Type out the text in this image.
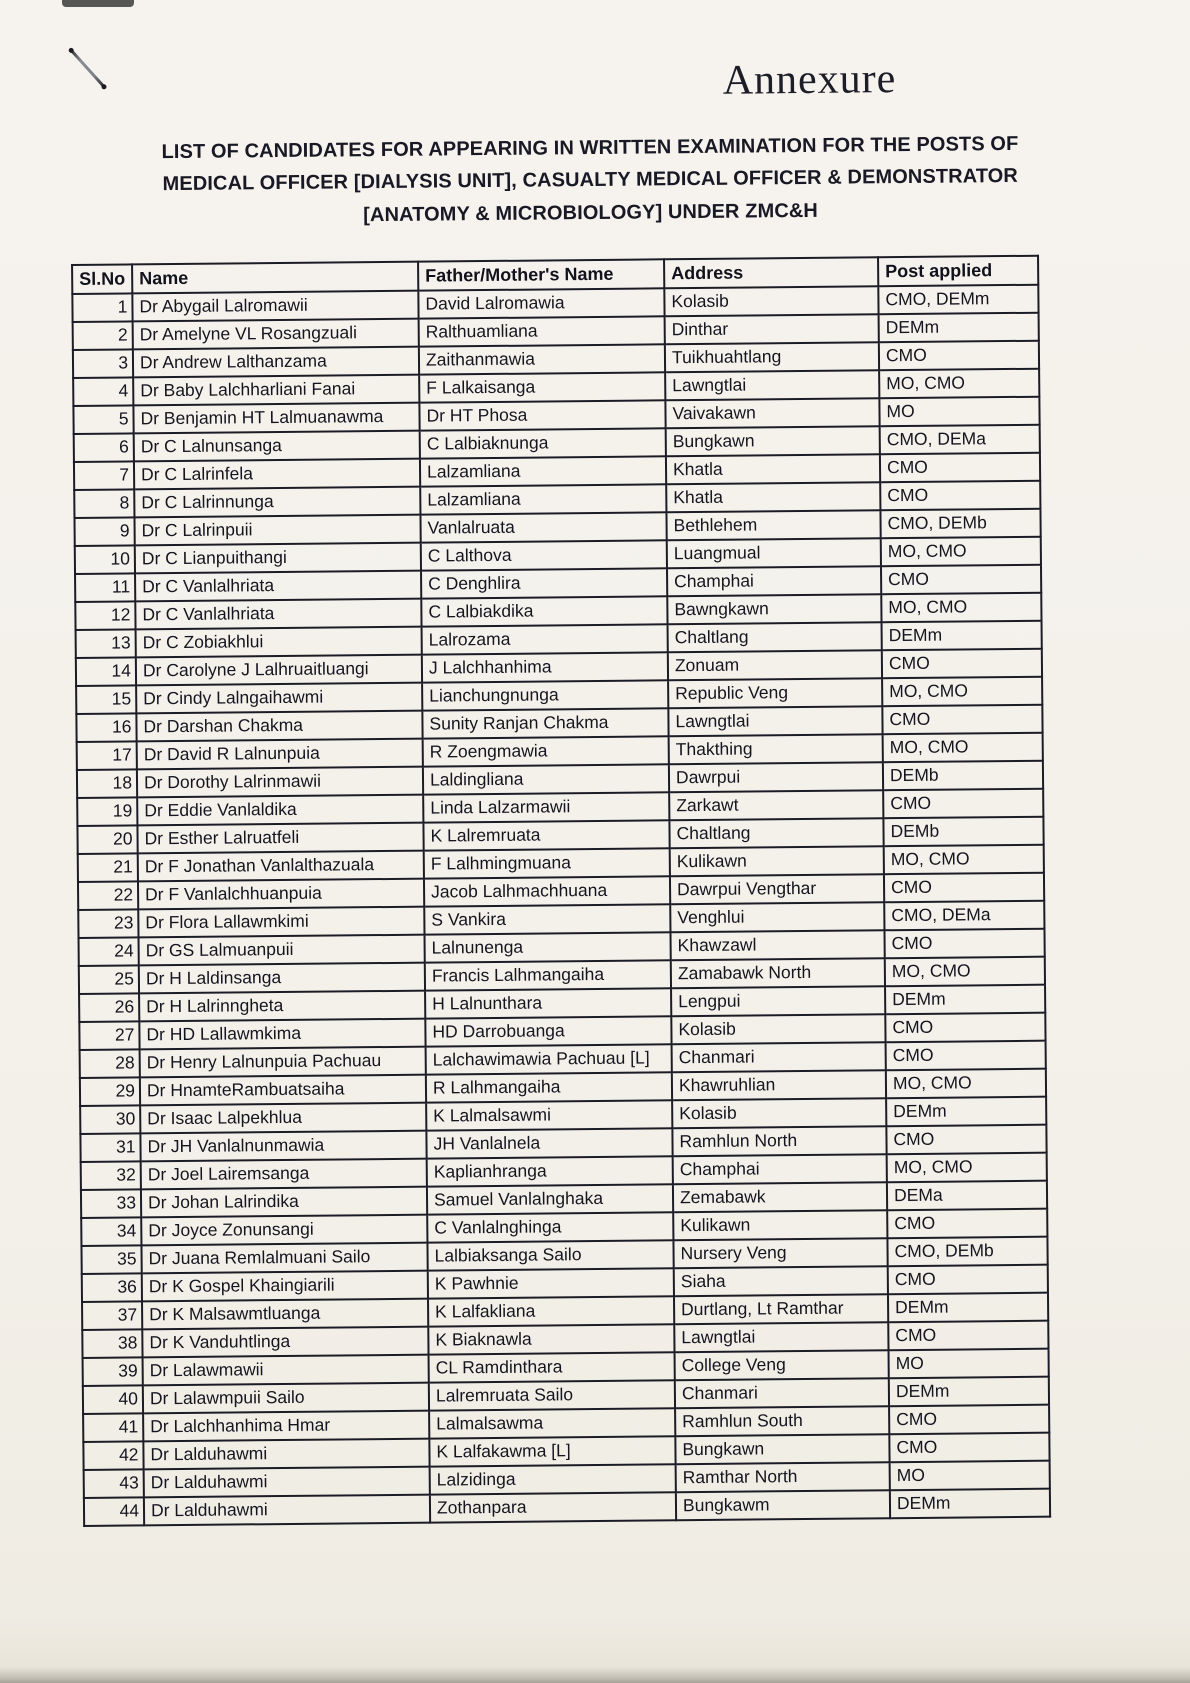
Annexure
LIST OF CANDIDATES FOR APPEARING IN WRITTEN EXAMINATION FOR THE POSTS OF MEDICAL OFFICER [DIALYSIS UNIT], CASUALTY MEDICAL OFFICER & DEMONSTRATOR [ANATOMY & MICROBIOLOGY] UNDER ZMC&H
Sl.No	Name	Father/Mother's Name	Address	Post applied
1	Dr Abygail Lalromawii	David Lalromawia	Kolasib	CMO, DEMm
2	Dr Amelyne VL Rosangzuali	Ralthuamliana	Dinthar	DEMm
3	Dr Andrew Lalthanzama	Zaithanmawia	Tuikhuahtlang	CMO
4	Dr Baby Lalchharliani Fanai	F Lalkaisanga	Lawngtlai	MO, CMO
5	Dr Benjamin HT Lalmuanawma	Dr HT Phosa	Vaivakawn	MO
6	Dr C Lalnunsanga	C Lalbiaknunga	Bungkawn	CMO, DEMa
7	Dr C Lalrinfela	Lalzamliana	Khatla	CMO
8	Dr C Lalrinnunga	Lalzamliana	Khatla	CMO
9	Dr C Lalrinpuii	Vanlalruata	Bethlehem	CMO, DEMb
10	Dr C Lianpuithangi	C Lalthova	Luangmual	MO, CMO
11	Dr C Vanlalhriata	C Denghlira	Champhai	CMO
12	Dr C Vanlalhriata	C Lalbiakdika	Bawngkawn	MO, CMO
13	Dr C Zobiakhlui	Lalrozama	Chaltlang	DEMm
14	Dr Carolyne J Lalhruaitluangi	J Lalchhanhima	Zonuam	CMO
15	Dr Cindy Lalngaihawmi	Lianchungnunga	Republic Veng	MO, CMO
16	Dr Darshan Chakma	Sunity Ranjan Chakma	Lawngtlai	CMO
17	Dr David R Lalnunpuia	R Zoengmawia	Thakthing	MO, CMO
18	Dr Dorothy Lalrinmawii	Laldingliana	Dawrpui	DEMb
19	Dr Eddie Vanlaldika	Linda Lalzarmawii	Zarkawt	CMO
20	Dr Esther Lalruatfeli	K Lalremruata	Chaltlang	DEMb
21	Dr F Jonathan Vanlalthazuala	F Lalhmingmuana	Kulikawn	MO, CMO
22	Dr F Vanlalchhuanpuia	Jacob Lalhmachhuana	Dawrpui Vengthar	CMO
23	Dr Flora Lallawmkimi	S Vankira	Venghlui	CMO, DEMa
24	Dr GS Lalmuanpuii	Lalnunenga	Khawzawl	CMO
25	Dr H Laldinsanga	Francis Lalhmangaiha	Zamabawk North	MO, CMO
26	Dr H Lalrinngheta	H Lalnunthara	Lengpui	DEMm
27	Dr HD Lallawmkima	HD Darrobuanga	Kolasib	CMO
28	Dr Henry Lalnunpuia Pachuau	Lalchawimawia Pachuau [L]	Chanmari	CMO
29	Dr HnamteRambuatsaiha	R Lalhmangaiha	Khawruhlian	MO, CMO
30	Dr Isaac Lalpekhlua	K Lalmalsawmi	Kolasib	DEMm
31	Dr JH Vanlalnunmawia	JH Vanlalnela	Ramhlun North	CMO
32	Dr Joel Lairemsanga	Kaplianhranga	Champhai	MO, CMO
33	Dr Johan Lalrindika	Samuel Vanlalnghaka	Zemabawk	DEMa
34	Dr Joyce Zonunsangi	C Vanlalnghinga	Kulikawn	CMO
35	Dr Juana Remlalmuani Sailo	Lalbiaksanga Sailo	Nursery Veng	CMO, DEMb
36	Dr K Gospel Khaingiarili	K Pawhnie	Siaha	CMO
37	Dr K Malsawmtluanga	K Lalfakliana	Durtlang, Lt Ramthar	DEMm
38	Dr K Vanduhtlinga	K Biaknawla	Lawngtlai	CMO
39	Dr Lalawmawii	CL Ramdinthara	College Veng	MO
40	Dr Lalawmpuii Sailo	Lalremruata Sailo	Chanmari	DEMm
41	Dr Lalchhanhima Hmar	Lalmalsawma	Ramhlun South	CMO
42	Dr Lalduhawmi	K Lalfakawma [L]	Bungkawn	CMO
43	Dr Lalduhawmi	Lalzidinga	Ramthar North	MO
44	Dr Lalduhawmi	Zothanpara	Bungkawm	DEMm
